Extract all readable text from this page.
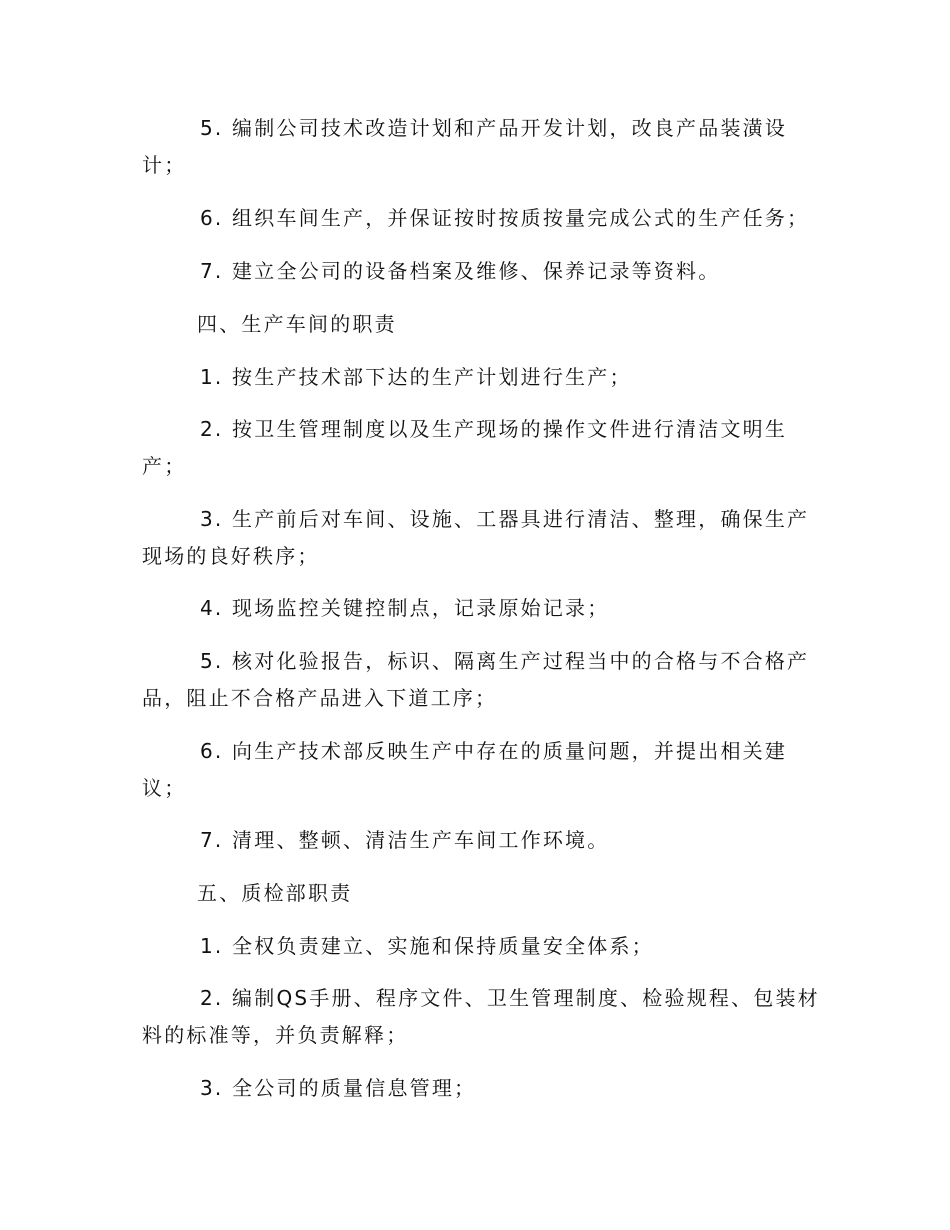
5. 编制公司技术改造计划和产品开发计划，改良产品装潢设
计；
6. 组织车间生产，并保证按时按质按量完成公式的生产任务；
7. 建立全公司的设备档案及维修、保养记录等资料。
四、生产车间的职责
1. 按生产技术部下达的生产计划进行生产；
2. 按卫生管理制度以及生产现场的操作文件进行清洁文明生
产；
3. 生产前后对车间、设施、工器具进行清洁、整理，确保生产
现场的良好秩序；
4. 现场监控关键控制点，记录原始记录；
5. 核对化验报告，标识、隔离生产过程当中的合格与不合格产
品，阻止不合格产品进入下道工序；
6. 向生产技术部反映生产中存在的质量问题，并提出相关建
议；
7. 清理、整顿、清洁生产车间工作环境。
五、质检部职责
1. 全权负责建立、实施和保持质量安全体系；
2. 编制QS手册、程序文件、卫生管理制度、检验规程、包装材
料的标准等，并负责解释；
3. 全公司的质量信息管理；
